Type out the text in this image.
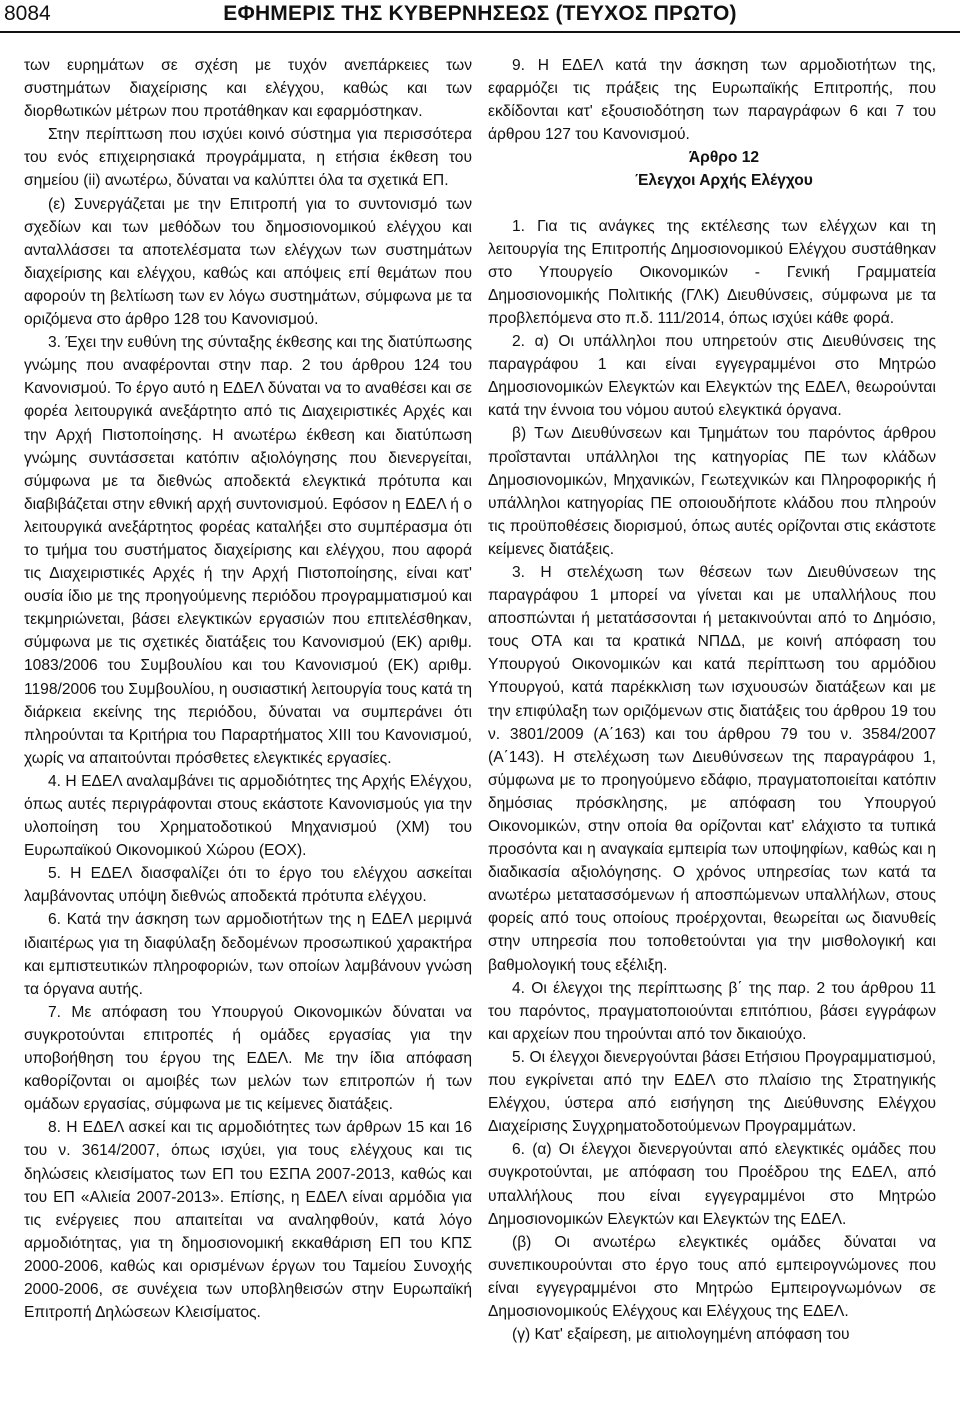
8084	ΕΦΗΜΕΡΙΣ ΤΗΣ ΚΥΒΕΡΝΗΣΕΩΣ (ΤΕΥΧΟΣ ΠΡΩΤΟ)

των ευρημάτων σε σχέση με τυχόν ανεπάρκειες των συστημάτων διαχείρισης και ελέγχου, καθώς και των διορθωτικών μέτρων που προτάθηκαν και εφαρμόστηκαν.

Στην περίπτωση που ισχύει κοινό σύστημα για περισσότερα του ενός επιχειρησιακά προγράμματα, η ετήσια έκθεση του σημείου (ii) ανωτέρω, δύναται να καλύπτει όλα τα σχετικά ΕΠ.

(ε) Συνεργάζεται με την Επιτροπή για το συντονισμό των σχεδίων και των μεθόδων του δημοσιονομικού ελέγχου και ανταλλάσσει τα αποτελέσματα των ελέγχων των συστημάτων διαχείρισης και ελέγχου, καθώς και απόψεις επί θεμάτων που αφορούν τη βελτίωση των εν λόγω συστημάτων, σύμφωνα με τα οριζόμενα στο άρθρο 128 του Κανονισμού.

3. Έχει την ευθύνη της σύνταξης έκθεσης και της διατύπωσης γνώμης που αναφέρονται στην παρ. 2 του άρθρου 124 του Κανονισμού. Το έργο αυτό η ΕΔΕΛ δύναται να το αναθέσει και σε φορέα λειτουργικά ανεξάρτητο από τις Διαχειριστικές Αρχές και την Αρχή Πιστοποίησης. Η ανωτέρω έκθεση και διατύπωση γνώμης συντάσσεται κατόπιν αξιολόγησης που διενεργείται, σύμφωνα με τα διεθνώς αποδεκτά ελεγκτικά πρότυπα και διαβιβάζεται στην εθνική αρχή συντονισμού. Εφόσον η ΕΔΕΛ ή ο λειτουργικά ανεξάρτητος φορέας καταλήξει στο συμπέρασμα ότι το τμήμα του συστήματος διαχείρισης και ελέγχου, που αφορά τις Διαχειριστικές Αρχές ή την Αρχή Πιστοποίησης, είναι κατ' ουσία ίδιο με της προηγούμενης περιόδου προγραμματισμού και τεκμηριώνεται, βάσει ελεγκτικών εργασιών που επιτελέσθηκαν, σύμφωνα με τις σχετικές διατάξεις του Κανονισμού (ΕΚ) αριθμ. 1083/2006 του Συμβουλίου και του Κανονισμού (ΕΚ) αριθμ. 1198/2006 του Συμβουλίου, η ουσιαστική λειτουργία τους κατά τη διάρκεια εκείνης της περιόδου, δύναται να συμπεράνει ότι πληρούνται τα Κριτήρια του Παραρτήματος XIII του Κανονισμού, χωρίς να απαιτούνται πρόσθετες ελεγκτικές εργασίες.

4. Η ΕΔΕΛ αναλαμβάνει τις αρμοδιότητες της Αρχής Ελέγχου, όπως αυτές περιγράφονται στους εκάστοτε Κανονισμούς για την υλοποίηση του Χρηματοδοτικού Μηχανισμού (ΧΜ) του Ευρωπαϊκού Οικονομικού Χώρου (ΕΟΧ).

5. Η ΕΔΕΛ διασφαλίζει ότι το έργο του ελέγχου ασκείται λαμβάνοντας υπόψη διεθνώς αποδεκτά πρότυπα ελέγχου.

6. Κατά την άσκηση των αρμοδιοτήτων της η ΕΔΕΛ μεριμνά ιδιαιτέρως για τη διαφύλαξη δεδομένων προσωπικού χαρακτήρα και εμπιστευτικών πληροφοριών, των οποίων λαμβάνουν γνώση τα όργανα αυτής.

7. Με απόφαση του Υπουργού Οικονομικών δύναται να συγκροτούνται επιτροπές ή ομάδες εργασίας για την υποβοήθηση του έργου της ΕΔΕΛ. Με την ίδια απόφαση καθορίζονται οι αμοιβές των μελών των επιτροπών ή των ομάδων εργασίας, σύμφωνα με τις κείμενες διατάξεις.

8. Η ΕΔΕΛ ασκεί και τις αρμοδιότητες των άρθρων 15 και 16 του ν. 3614/2007, όπως ισχύει, για τους ελέγχους και τις δηλώσεις κλεισίματος των ΕΠ του ΕΣΠΑ 2007-2013, καθώς και του ΕΠ «Αλιεία 2007-2013». Επίσης, η ΕΔΕΛ είναι αρμόδια για τις ενέργειες που απαιτείται να αναληφθούν, κατά λόγο αρμοδιότητας, για τη δημοσιονομική εκκαθάριση ΕΠ του ΚΠΣ 2000-2006, καθώς και ορισμένων έργων του Ταμείου Συνοχής 2000-2006, σε συνέχεια των υποβληθεισών στην Ευρωπαϊκή Επιτροπή Δηλώσεων Κλεισίματος.

9. Η ΕΔΕΛ κατά την άσκηση των αρμοδιοτήτων της, εφαρμόζει τις πράξεις της Ευρωπαϊκής Επιτροπής, που εκδίδονται κατ' εξουσιοδότηση των παραγράφων 6 και 7 του άρθρου 127 του Κανονισμού.

Άρθρο 12

Έλεγχοι Αρχής Ελέγχου

1. Για τις ανάγκες της εκτέλεσης των ελέγχων και τη λειτουργία της Επιτροπής Δημοσιονομικού Ελέγχου συστάθηκαν στο Υπουργείο Οικονομικών - Γενική Γραμματεία Δημοσιονομικής Πολιτικής (ΓΛΚ) Διευθύνσεις, σύμφωνα με τα προβλεπόμενα στο π.δ. 111/2014, όπως ισχύει κάθε φορά.

2. α) Οι υπάλληλοι που υπηρετούν στις Διευθύνσεις της παραγράφου 1 και είναι εγγεγραμμένοι στο Μητρώο Δημοσιονομικών Ελεγκτών και Ελεγκτών της ΕΔΕΛ, θεωρούνται κατά την έννοια του νόμου αυτού ελεγκτικά όργανα.

β) Των Διευθύνσεων και Τμημάτων του παρόντος άρθρου προΐστανται υπάλληλοι της κατηγορίας ΠΕ των κλάδων Δημοσιονομικών, Μηχανικών, Γεωτεχνικών και Πληροφορικής ή υπάλληλοι κατηγορίας ΠΕ οποιουδήποτε κλάδου που πληρούν τις προϋποθέσεις διορισμού, όπως αυτές ορίζονται στις εκάστοτε κείμενες διατάξεις.

3. Η στελέχωση των θέσεων των Διευθύνσεων της παραγράφου 1 μπορεί να γίνεται και με υπαλλήλους που αποσπώνται ή μετατάσσονται ή μετακινούνται από το Δημόσιο, τους ΟΤΑ και τα κρατικά ΝΠΔΔ, με κοινή απόφαση του Υπουργού Οικονομικών και κατά περίπτωση του αρμόδιου Υπουργού, κατά παρέκκλιση των ισχυουσών διατάξεων και με την επιφύλαξη των οριζόμενων στις διατάξεις του άρθρου 19 του ν. 3801/2009 (Α΄163) και του άρθρου 79 του ν. 3584/2007 (Α΄143). Η στελέχωση των Διευθύνσεων της παραγράφου 1, σύμφωνα με το προηγούμενο εδάφιο, πραγματοποιείται κατόπιν δημόσιας πρόσκλησης, με απόφαση του Υπουργού Οικονομικών, στην οποία θα ορίζονται κατ' ελάχιστο τα τυπικά προσόντα και η αναγκαία εμπειρία των υποψηφίων, καθώς και η διαδικασία αξιολόγησης. Ο χρόνος υπηρεσίας των κατά τα ανωτέρω μετατασσόμενων ή αποσπώμενων υπαλλήλων, στους φορείς από τους οποίους προέρχονται, θεωρείται ως διανυθείς στην υπηρεσία που τοποθετούνται για την μισθολογική και βαθμολογική τους εξέλιξη.

4. Οι έλεγχοι της περίπτωσης β΄ της παρ. 2 του άρθρου 11 του παρόντος, πραγματοποιούνται επιτόπιου, βάσει εγγράφων και αρχείων που τηρούνται από τον δικαιούχο.

5. Οι έλεγχοι διενεργούνται βάσει Ετήσιου Προγραμματισμού, που εγκρίνεται από την ΕΔΕΛ στο πλαίσιο της Στρατηγικής Ελέγχου, ύστερα από εισήγηση της Διεύθυνσης Ελέγχου Διαχείρισης Συγχρηματοδοτούμενων Προγραμμάτων.

6. (α) Οι έλεγχοι διενεργούνται από ελεγκτικές ομάδες που συγκροτούνται, με απόφαση του Προέδρου της ΕΔΕΛ, από υπαλλήλους που είναι εγγεγραμμένοι στο Μητρώο Δημοσιονομικών Ελεγκτών και Ελεγκτών της ΕΔΕΛ.

(β) Οι ανωτέρω ελεγκτικές ομάδες δύναται να συνεπικουρούνται στο έργο τους από εμπειρογνώμονες που είναι εγγεγραμμένοι στο Μητρώο Εμπειρογνωμόνων σε Δημοσιονομικούς Ελέγχους και Ελέγχους της ΕΔΕΛ.

(γ) Κατ' εξαίρεση, με αιτιολογημένη απόφαση του
